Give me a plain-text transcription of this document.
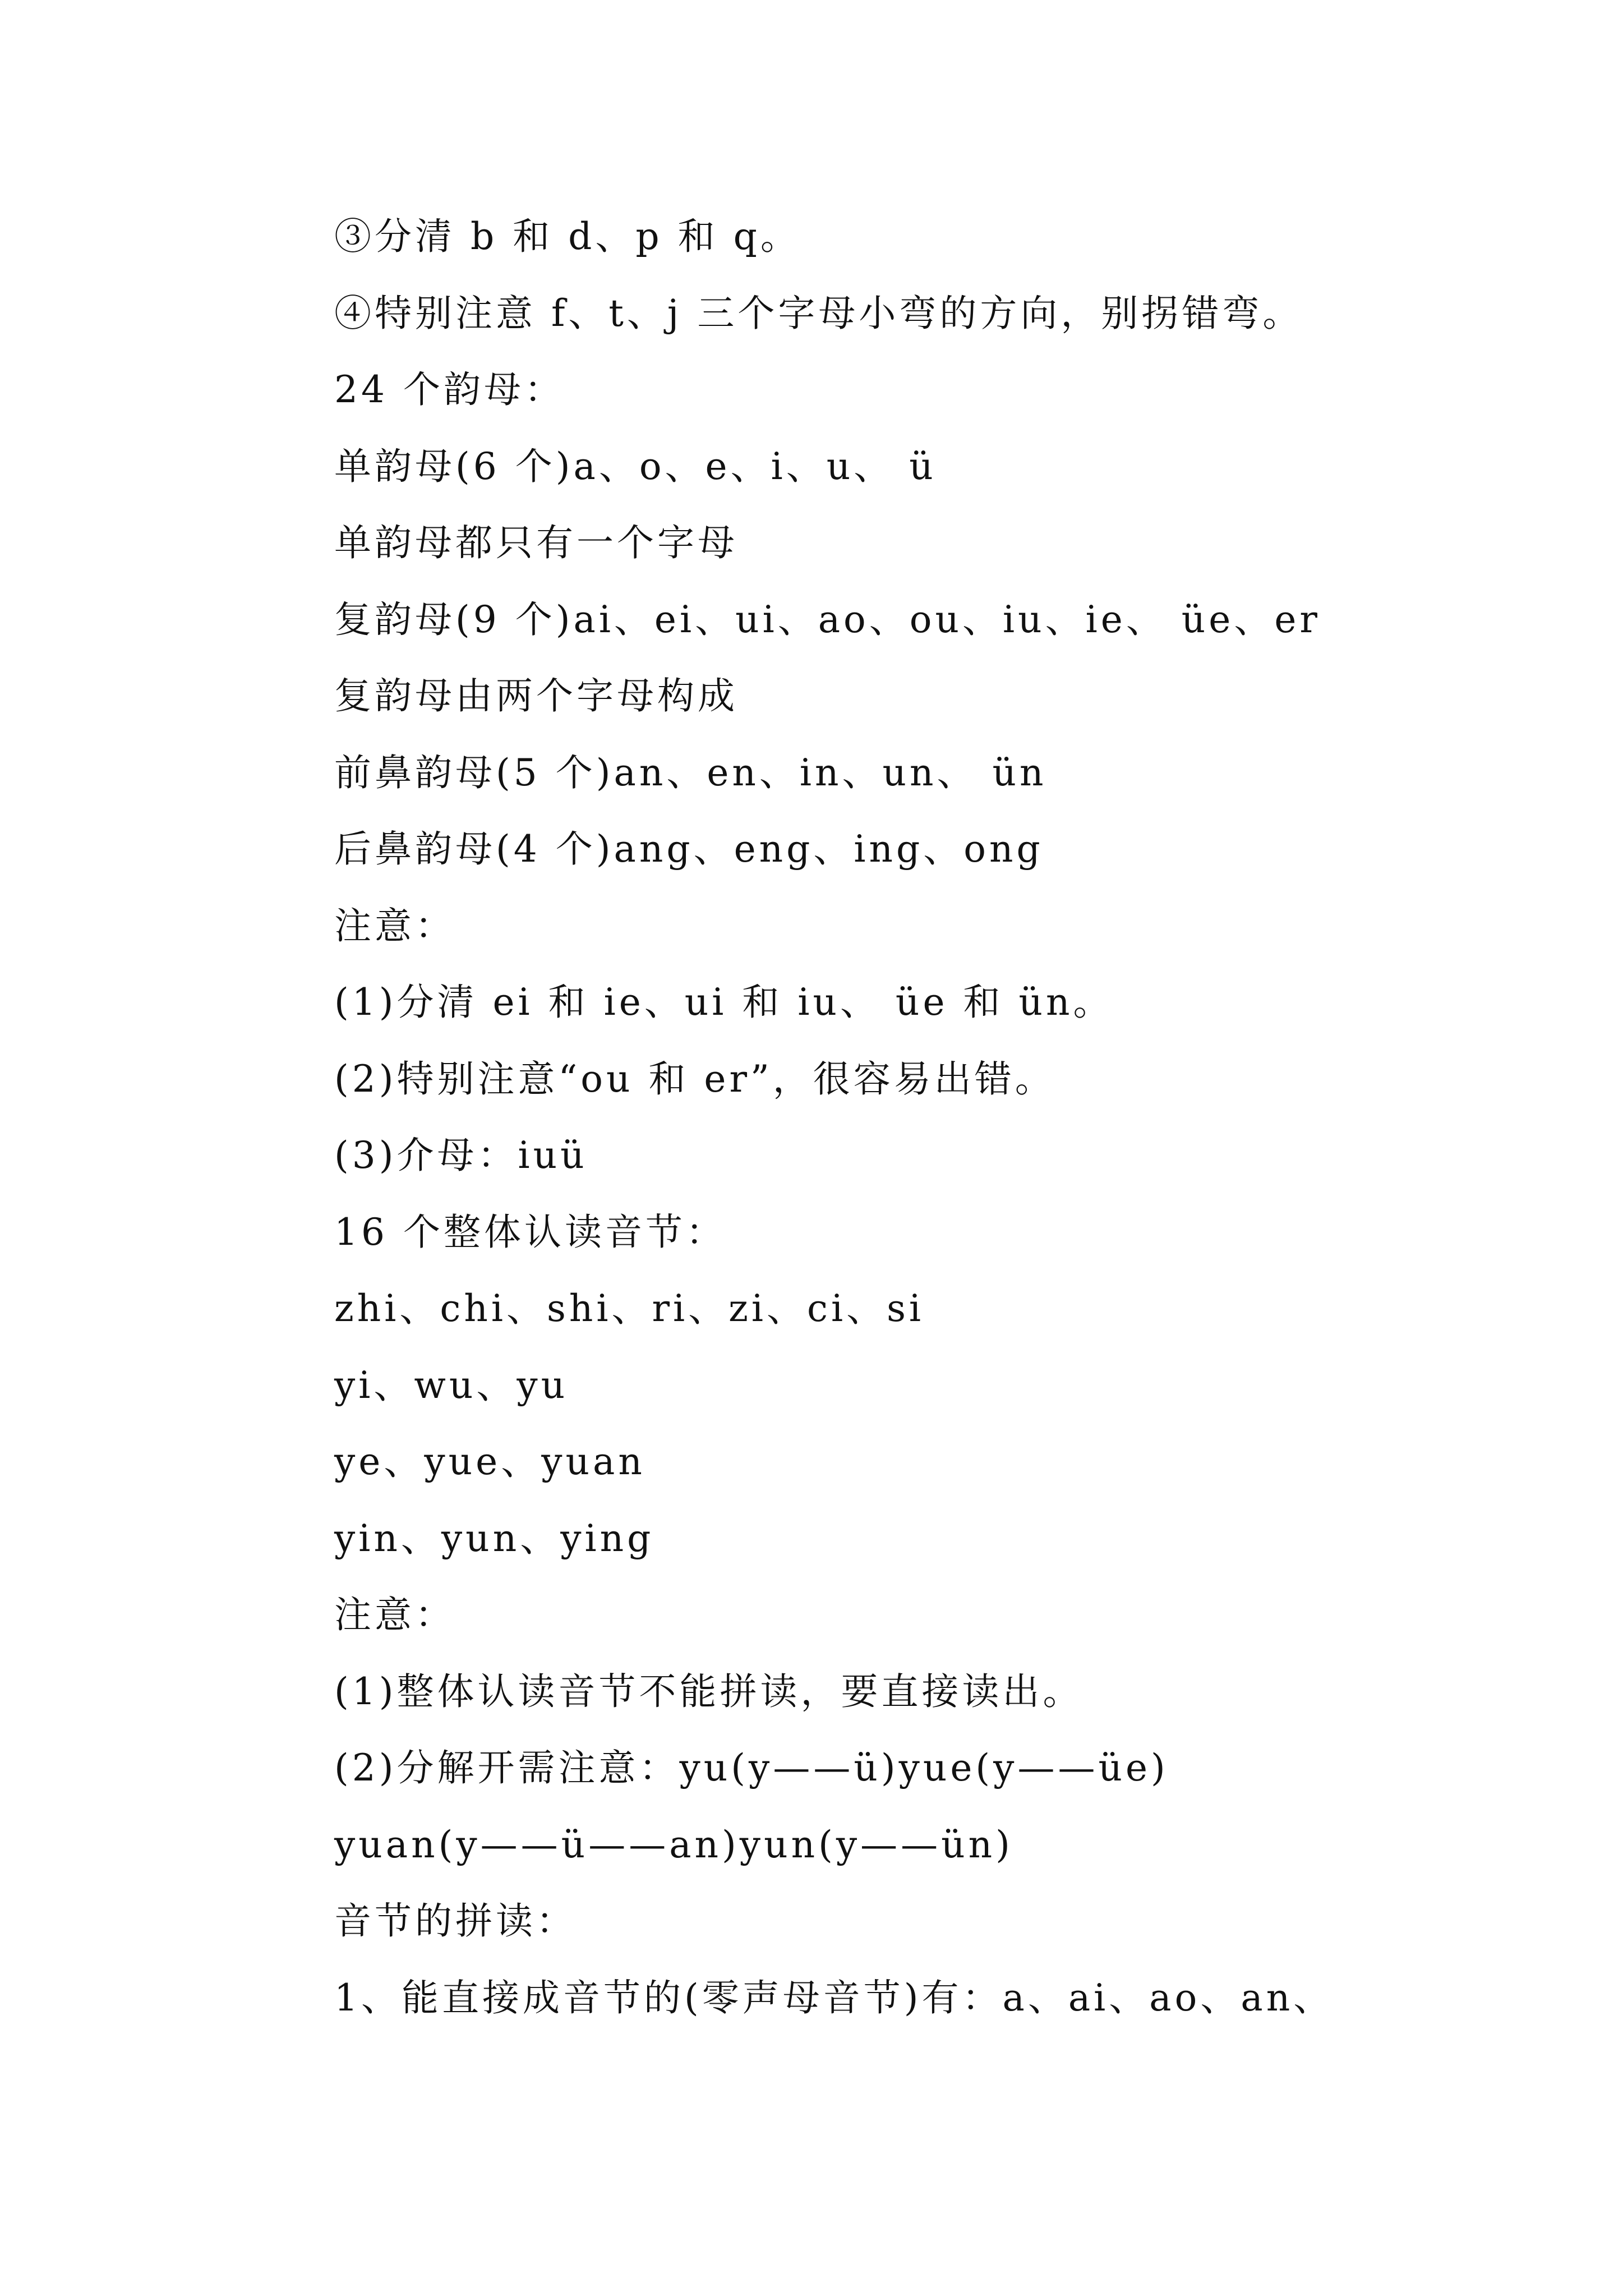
③分清 b 和 d、p 和 q。
④特别注意 f、t、j 三个字母小弯的方向，别拐错弯。
24 个韵母：
单韵母(6 个)a、o、e、i、u、 ü
单韵母都只有一个字母
复韵母(9 个)ai、ei、ui、ao、ou、iu、ie、 üe、er
复韵母由两个字母构成
前鼻韵母(5 个)an、en、in、un、 ün
后鼻韵母(4 个)ang、eng、ing、ong
注意：
(1)分清 ei 和 ie、ui 和 iu、 üe 和 ün。
(2)特别注意“ou 和 er”，很容易出错。
(3)介母：iuü
16 个整体认读音节：
zhi、chi、shi、ri、zi、ci、si
yi、wu、yu
ye、yue、yuan
yin、yun、ying
注意：
(1)整体认读音节不能拼读，要直接读出。
(2)分解开需注意：yu(y——ü)yue(y——üe)
yuan(y——ü——an)yun(y——ün)
音节的拼读：
1、能直接成音节的(零声母音节)有：a、ai、ao、an、
